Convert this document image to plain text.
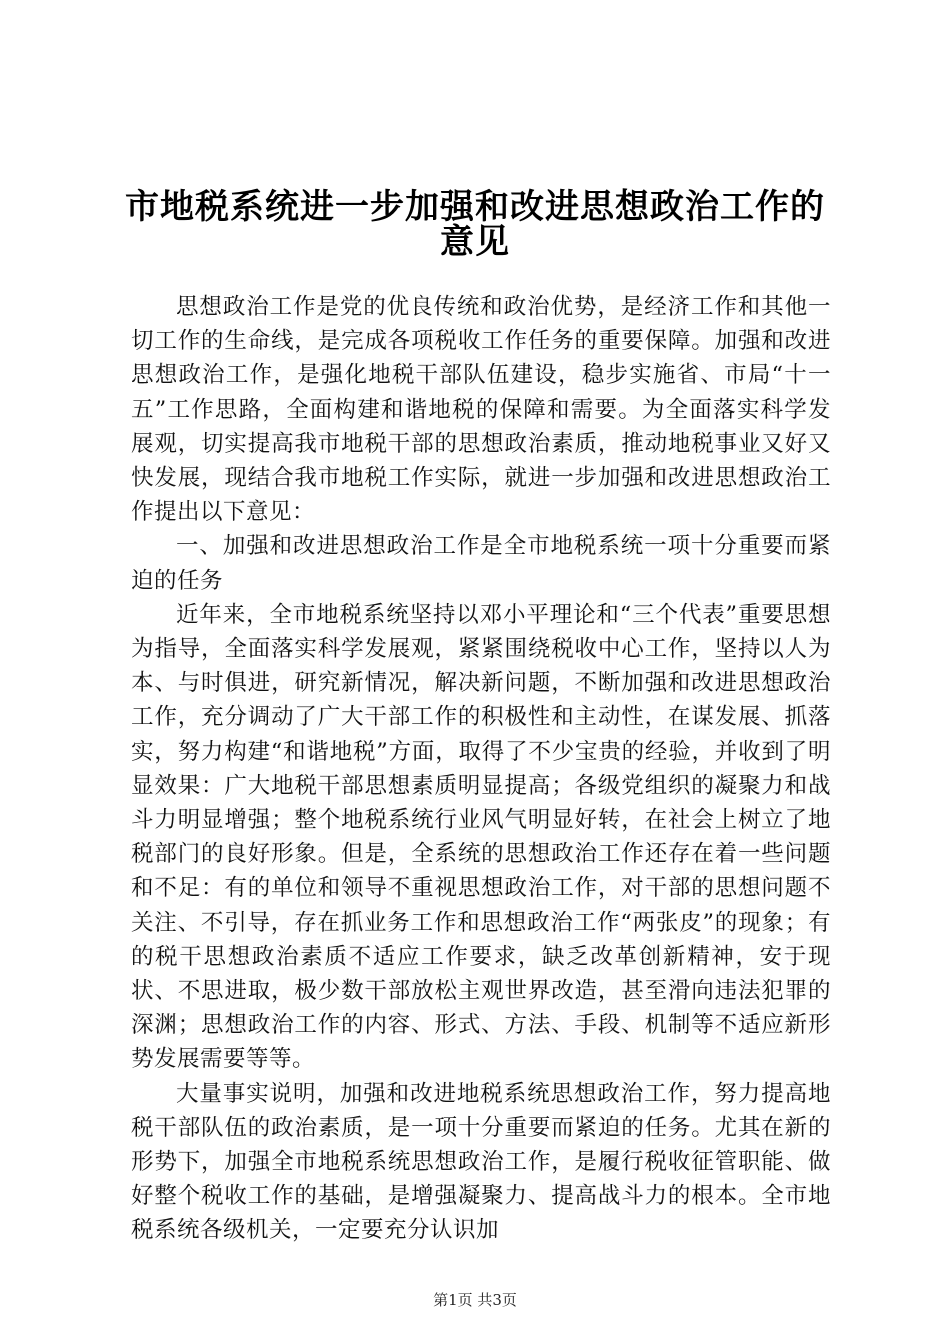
市地税系统进一步加强和改进思想政治工作的
意见

思想政治工作是党的优良传统和政治优势，是经济工作和其他一切工作的生命线，是完成各项税收工作任务的重要保障。加强和改进思想政治工作，是强化地税干部队伍建设，稳步实施省、市局“十一五”工作思路，全面构建和谐地税的保障和需要。为全面落实科学发展观，切实提高我市地税干部的思想政治素质，推动地税事业又好又快发展，现结合我市地税工作实际，就进一步加强和改进思想政治工作提出以下意见：

一、加强和改进思想政治工作是全市地税系统一项十分重要而紧迫的任务

近年来，全市地税系统坚持以邓小平理论和“三个代表”重要思想为指导，全面落实科学发展观，紧紧围绕税收中心工作，坚持以人为本、与时俱进，研究新情况，解决新问题，不断加强和改进思想政治工作，充分调动了广大干部工作的积极性和主动性，在谋发展、抓落实，努力构建“和谐地税”方面，取得了不少宝贵的经验，并收到了明显效果：广大地税干部思想素质明显提高；各级党组织的凝聚力和战斗力明显增强；整个地税系统行业风气明显好转，在社会上树立了地税部门的良好形象。但是，全系统的思想政治工作还存在着一些问题和不足：有的单位和领导不重视思想政治工作，对干部的思想问题不关注、不引导，存在抓业务工作和思想政治工作“两张皮”的现象；有的税干思想政治素质不适应工作要求，缺乏改革创新精神，安于现状、不思进取，极少数干部放松主观世界改造，甚至滑向违法犯罪的深渊；思想政治工作的内容、形式、方法、手段、机制等不适应新形势发展需要等等。

大量事实说明，加强和改进地税系统思想政治工作，努力提高地税干部队伍的政治素质，是一项十分重要而紧迫的任务。尤其在新的形势下，加强全市地税系统思想政治工作，是履行税收征管职能、做好整个税收工作的基础，是增强凝聚力、提高战斗力的根本。全市地税系统各级机关，一定要充分认识加

第1页 共3页
